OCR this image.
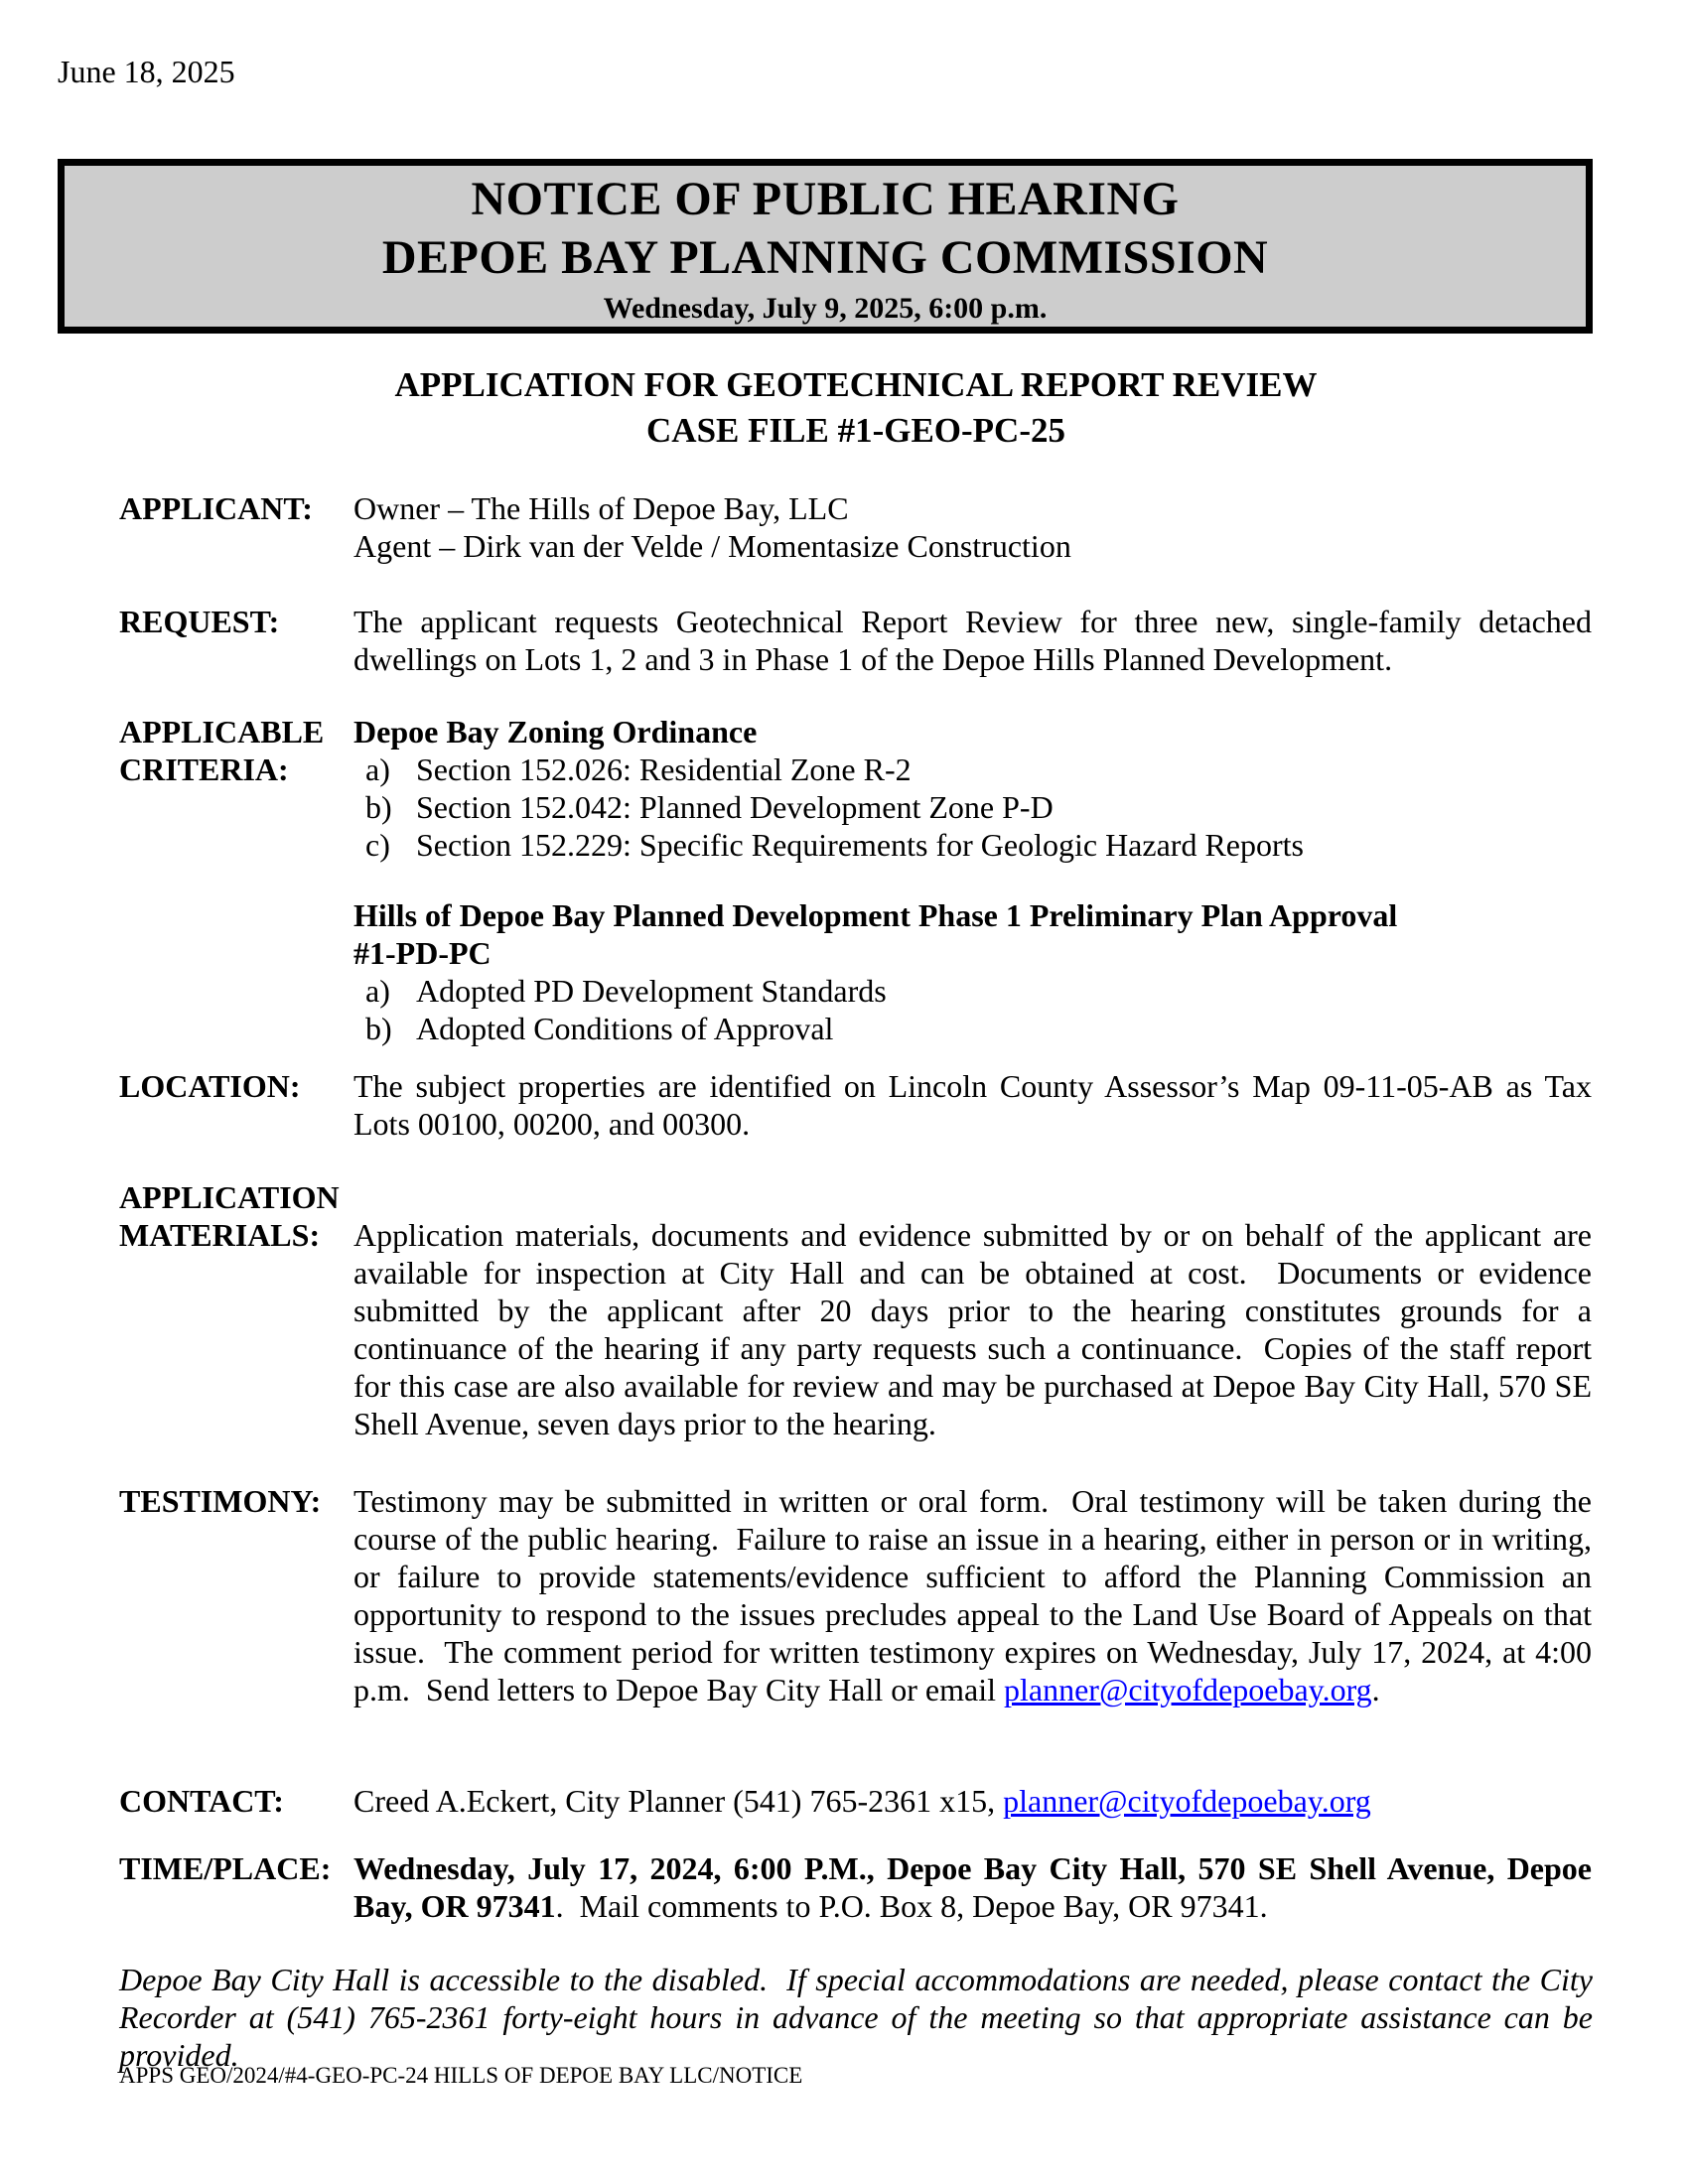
June 18, 2025
NOTICE OF PUBLIC HEARING
DEPOE BAY PLANNING COMMISSION
Wednesday, July 9, 2025, 6:00 p.m.
APPLICATION FOR GEOTECHNICAL REPORT REVIEW
CASE FILE #1-GEO-PC-25
APPLICANT:	Owner – The Hills of Depoe Bay, LLC
Agent – Dirk van der Velde / Momentasize Construction
REQUEST:	The applicant requests Geotechnical Report Review for three new, single-family detached dwellings on Lots 1, 2 and 3 in Phase 1 of the Depoe Hills Planned Development.
APPLICABLE
CRITERIA:
Depoe Bay Zoning Ordinance
a) Section 152.026: Residential Zone R-2
b) Section 152.042: Planned Development Zone P-D
c) Section 152.229: Specific Requirements for Geologic Hazard Reports
Hills of Depoe Bay Planned Development Phase 1 Preliminary Plan Approval
#1-PD-PC
a) Adopted PD Development Standards
b) Adopted Conditions of Approval
LOCATION:	The subject properties are identified on Lincoln County Assessor’s Map 09-11-05-AB as Tax Lots 00100, 00200, and 00300.
APPLICATION
MATERIALS:	Application materials, documents and evidence submitted by or on behalf of the applicant are available for inspection at City Hall and can be obtained at cost.  Documents or evidence submitted by the applicant after 20 days prior to the hearing constitutes grounds for a continuance of the hearing if any party requests such a continuance.  Copies of the staff report for this case are also available for review and may be purchased at Depoe Bay City Hall, 570 SE Shell Avenue, seven days prior to the hearing.
TESTIMONY:	Testimony may be submitted in written or oral form.  Oral testimony will be taken during the course of the public hearing.  Failure to raise an issue in a hearing, either in person or in writing, or failure to provide statements/evidence sufficient to afford the Planning Commission an opportunity to respond to the issues precludes appeal to the Land Use Board of Appeals on that issue.  The comment period for written testimony expires on Wednesday, July 17, 2024, at 4:00 p.m.  Send letters to Depoe Bay City Hall or email planner@cityofdepoebay.org.
CONTACT:	Creed A.Eckert, City Planner (541) 765-2361 x15, planner@cityofdepoebay.org
TIME/PLACE: Wednesday, July 17, 2024, 6:00 P.M., Depoe Bay City Hall, 570 SE Shell Avenue, Depoe Bay, OR 97341.  Mail comments to P.O. Box 8, Depoe Bay, OR 97341.
Depoe Bay City Hall is accessible to the disabled.  If special accommodations are needed, please contact the City Recorder at (541) 765-2361 forty-eight hours in advance of the meeting so that appropriate assistance can be provided.
APPS GEO/2024/#4-GEO-PC-24 HILLS OF DEPOE BAY LLC/NOTICE
